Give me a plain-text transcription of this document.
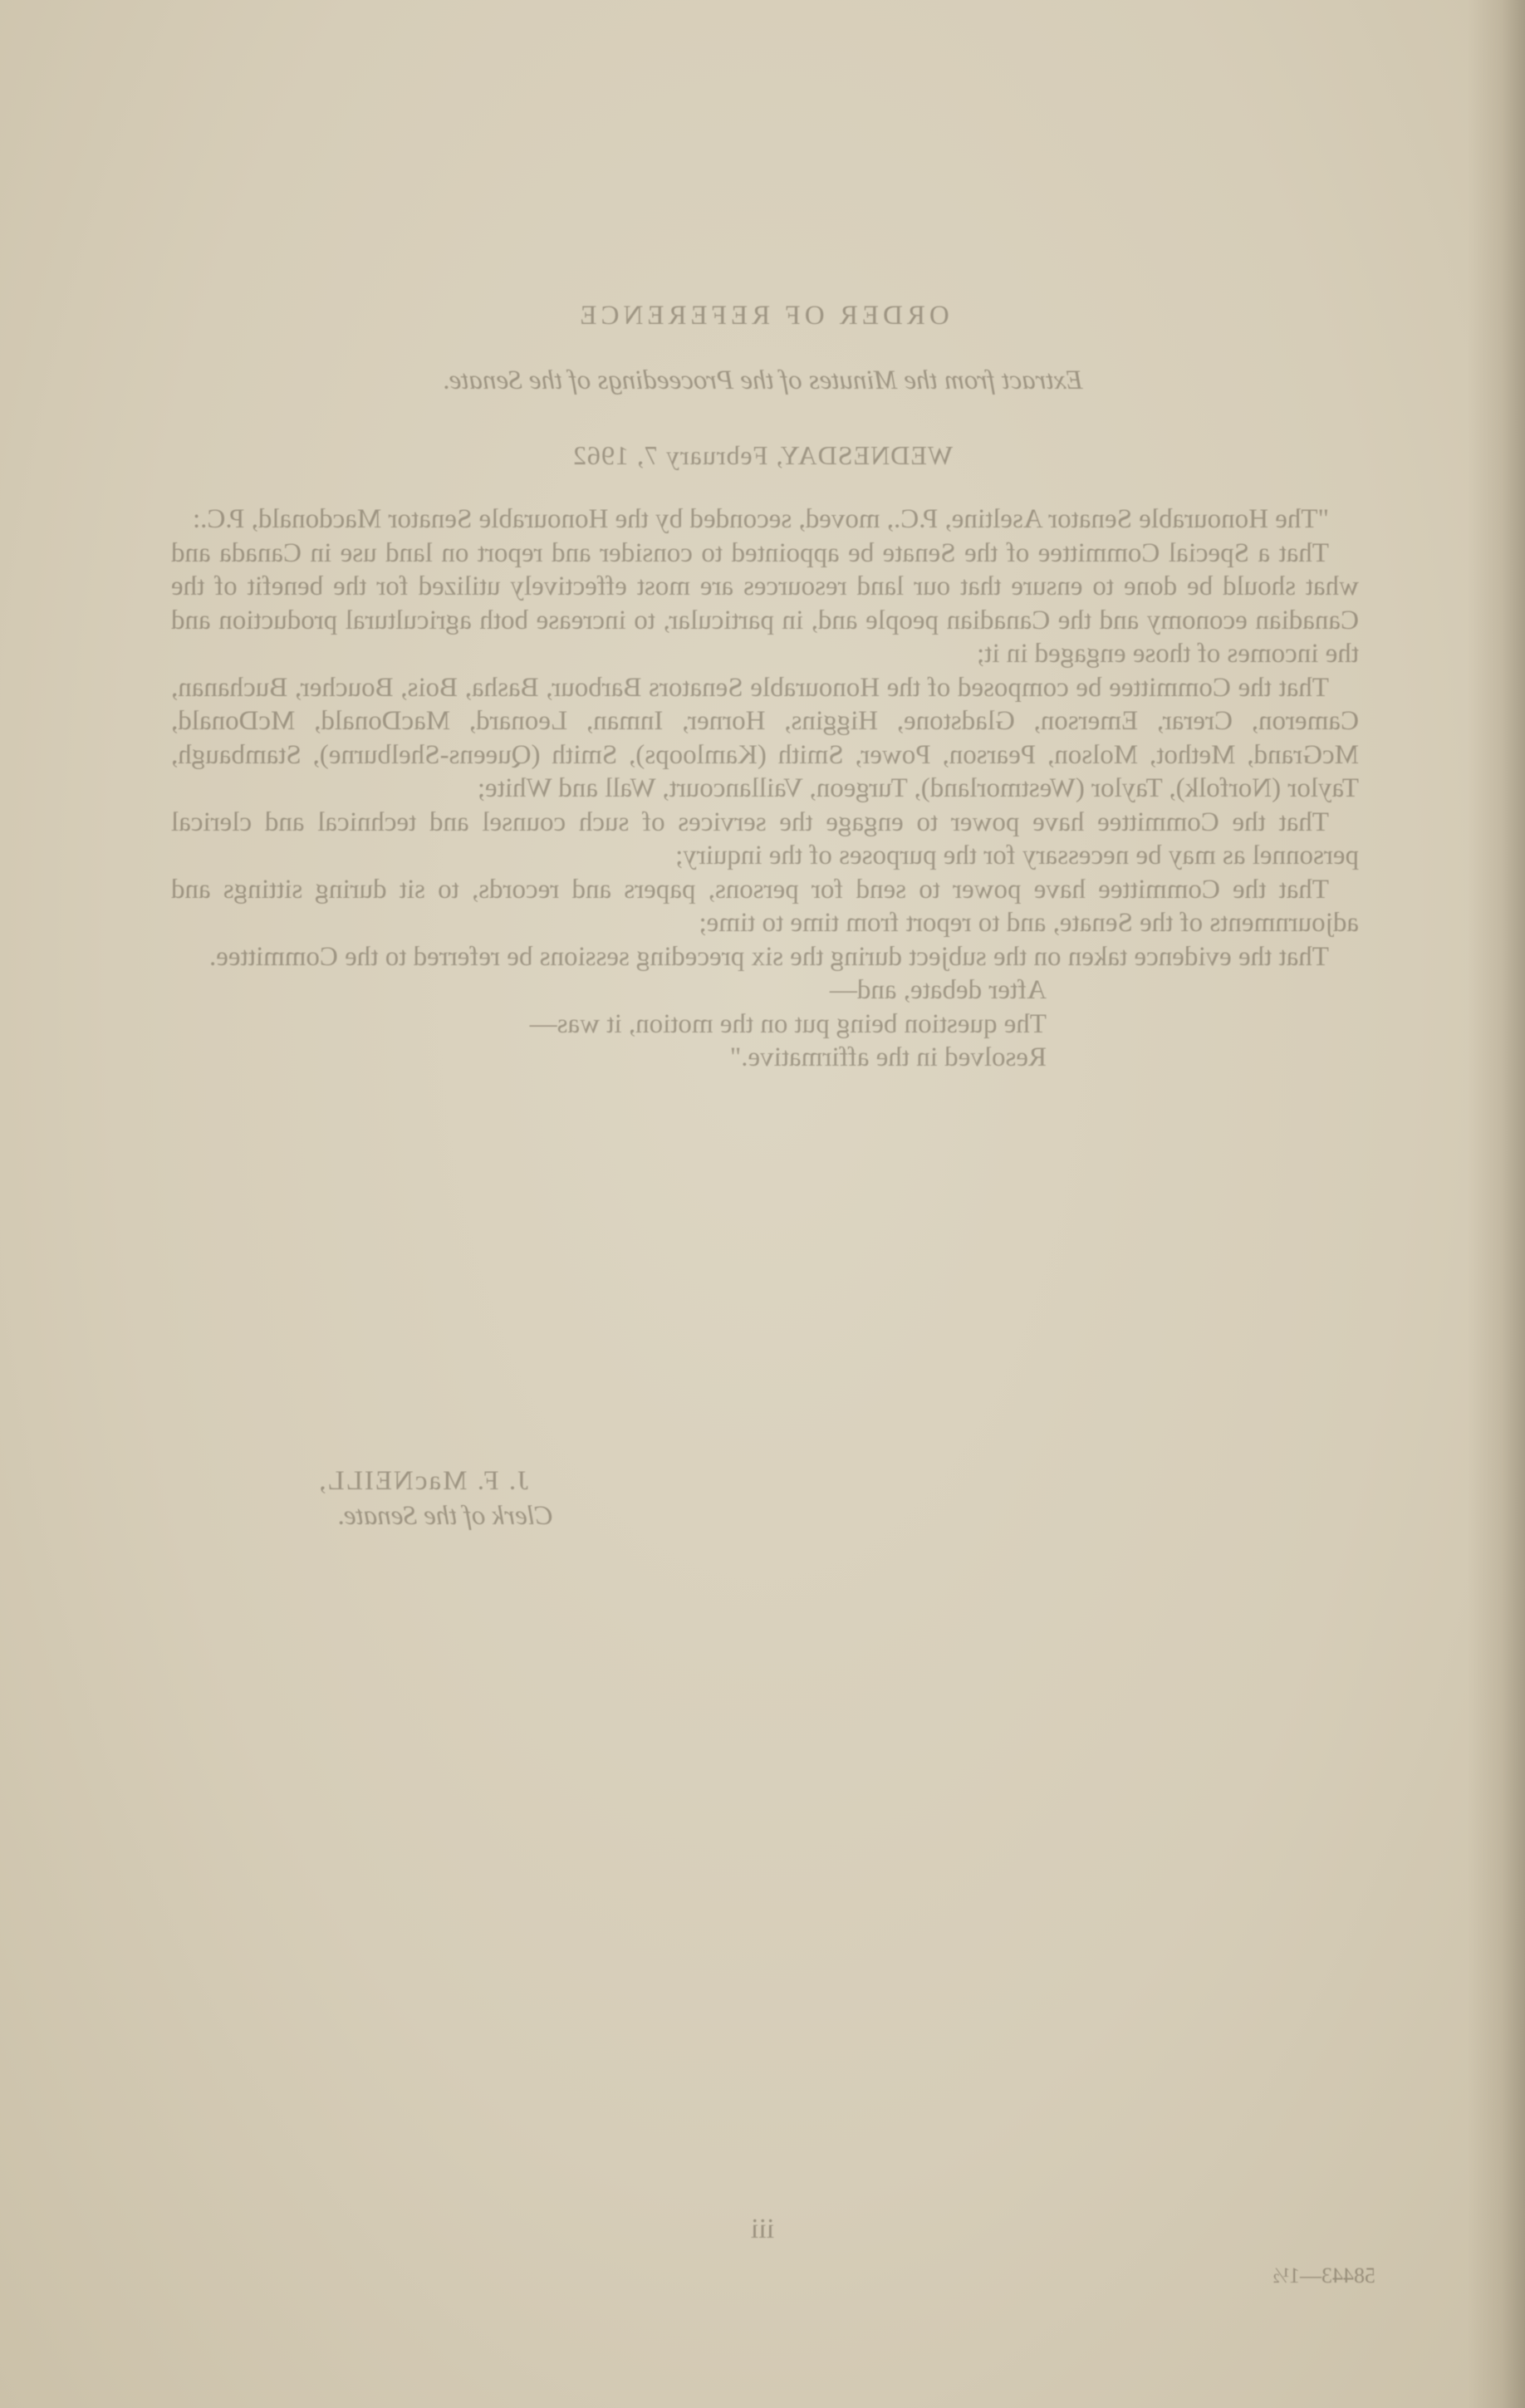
ORDER OF REFERENCE
Extract from the Minutes of the Proceedings of the Senate.
WEDNESDAY, February 7, 1962

"The Honourable Senator Aseltine, P.C., moved, seconded by the Honourable Senator Macdonald, P.C.:

That a Special Committee of the Senate be appointed to consider and report on land use in Canada and what should be done to ensure that our land resources are most effectively utilized for the benefit of the Canadian economy and the Canadian people and, in particular, to increase both agricultural production and the incomes of those engaged in it;

That the Committee be composed of the Honourable Senators Barbour, Basha, Bois, Boucher, Buchanan, Cameron, Crerar, Emerson, Gladstone, Higgins, Horner, Inman, Leonard, MacDonald, McDonald, McGrand, Methot, Molson, Pearson, Power, Smith (Kamloops), Smith (Queens-Shelburne), Stambaugh, Taylor (Norfolk), Taylor (Westmorland), Turgeon, Vaillancourt, Wall and White;

That the Committee have power to engage the services of such counsel and technical and clerical personnel as may be necessary for the purposes of the inquiry;

That the Committee have power to send for persons, papers and records, to sit during sittings and adjournments of the Senate, and to report from time to time;

That the evidence taken on the subject during the six preceding sessions be referred to the Committee.

After debate, and—

The question being put on the motion, it was—

Resolved in the affirmative."

J. F. MacNEILL,
Clerk of the Senate.
iii
58443—1½
